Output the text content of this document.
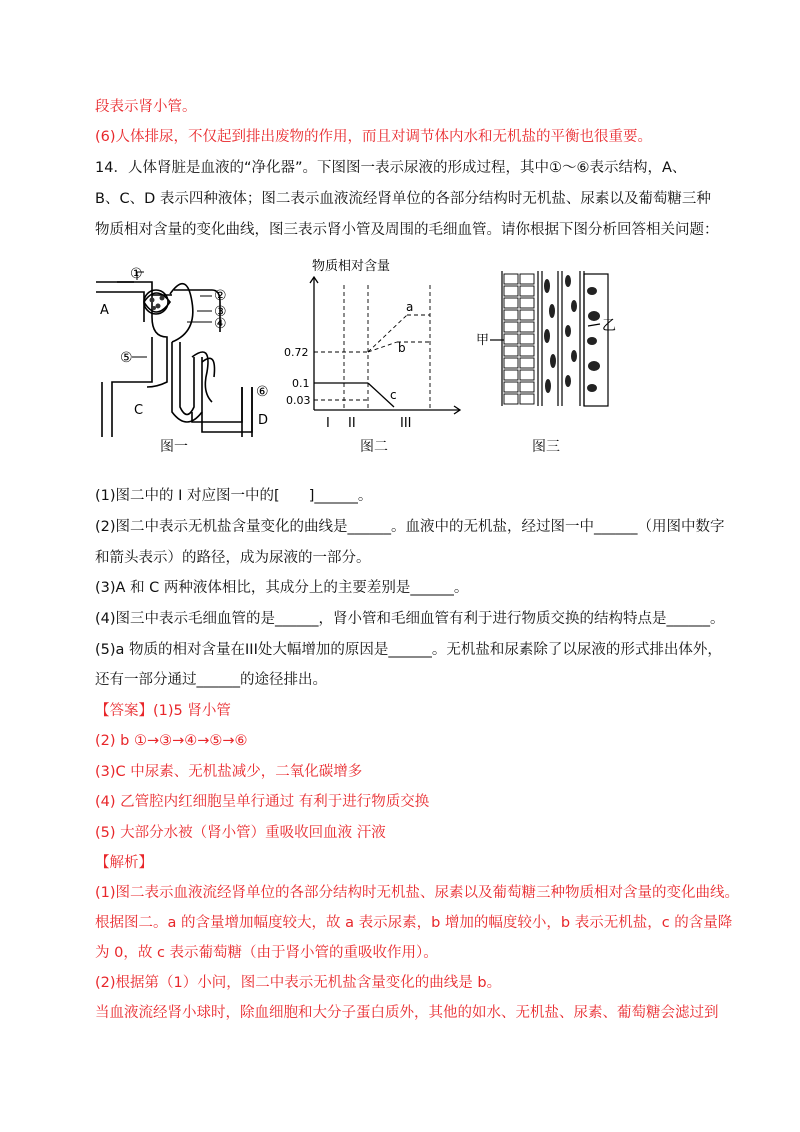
段表示肾小管。
(6)人体排尿，不仅起到排出废物的作用，而且对调节体内水和无机盐的平衡也很重要。
14．人体肾脏是血液的“净化器”。下图图一表示尿液的形成过程，其中①～⑥表示结构，A、
B、C、D 表示四种液体；图二表示血液流经肾单位的各部分结构时无机盐、尿素以及葡萄糖三种
物质相对含量的变化曲线，图三表示肾小管及周围的毛细血管。请你根据下图分析回答相关问题：
①
②
③
④
⑤
⑥
A
C
D
图一
物质相对含量
0.72
0.1
0.03
I II	III
a
b
c
图二
甲
乙
图三
(1)图二中的 I 对应图一中的[　　]______。
(2)图二中表示无机盐含量变化的曲线是______。血液中的无机盐，经过图一中______（用图中数字
和箭头表示）的路径，成为尿液的一部分。
(3)A 和 C 两种液体相比，其成分上的主要差别是______。
(4)图三中表示毛细血管的是______，肾小管和毛细血管有利于进行物质交换的结构特点是______。
(5)a 物质的相对含量在III处大幅增加的原因是______。无机盐和尿素除了以尿液的形式排出体外，
还有一部分通过______的途径排出。
【答案】(1)5 肾小管
(2) b ①→③→④→⑤→⑥
(3)C 中尿素、无机盐减少，二氧化碳增多
(4) 乙管腔内红细胞呈单行通过 有利于进行物质交换
(5) 大部分水被（肾小管）重吸收回血液 汗液
【解析】
(1)图二表示血液流经肾单位的各部分结构时无机盐、尿素以及葡萄糖三种物质相对含量的变化曲线。
根据图二。a 的含量增加幅度较大，故 a 表示尿素，b 增加的幅度较小，b 表示无机盐，c 的含量降
为 0，故 c 表示葡萄糖（由于肾小管的重吸收作用）。
(2)根据第（1）小问，图二中表示无机盐含量变化的曲线是 b。
当血液流经肾小球时，除血细胞和大分子蛋白质外，其他的如水、无机盐、尿素、葡萄糖会滤过到
